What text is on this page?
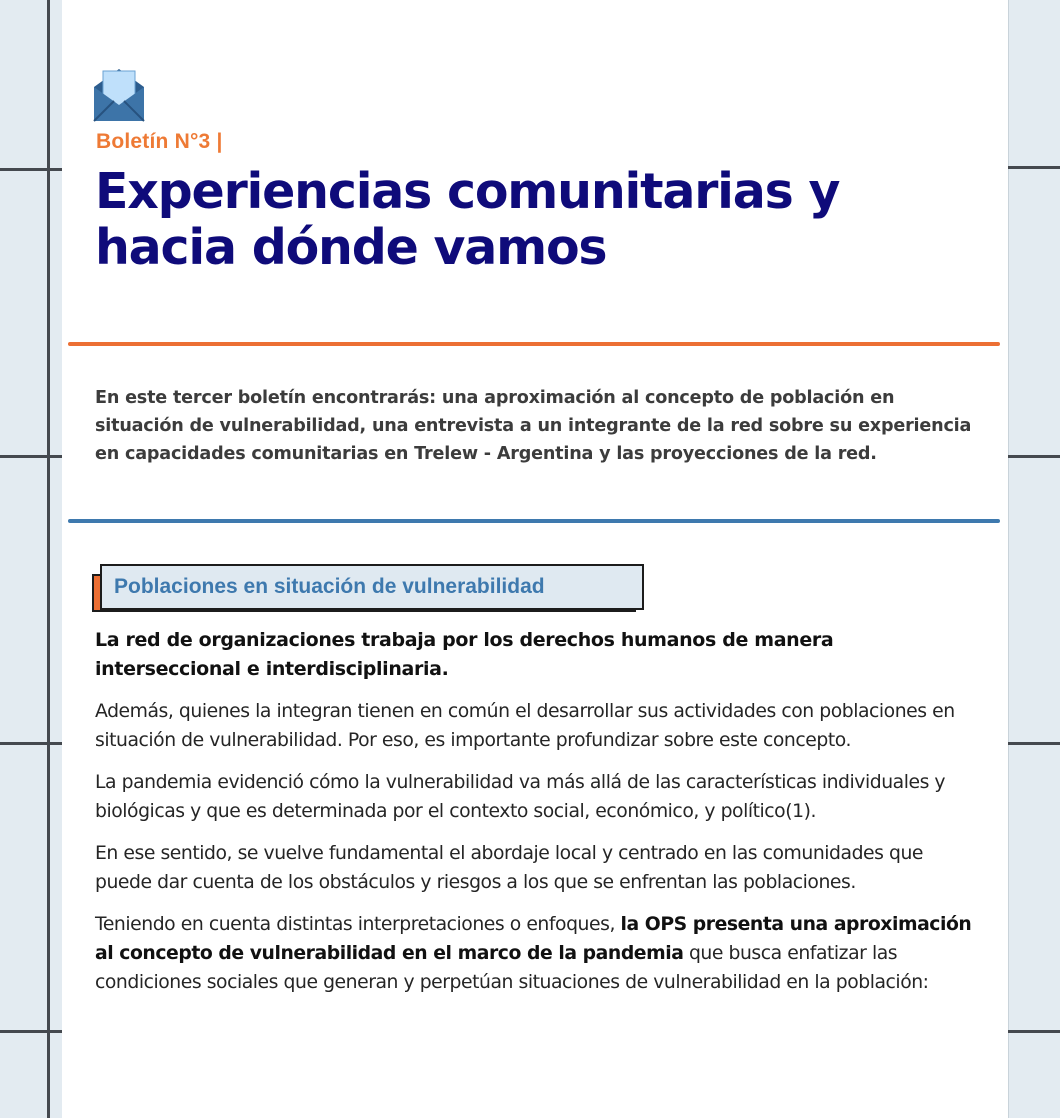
Boletín N°3 |
Experiencias comunitarias y hacia dónde vamos

En este tercer boletín encontrarás: una aproximación al concepto de población en situación de vulnerabilidad, una entrevista a un integrante de la red sobre su experiencia en capacidades comunitarias en Trelew - Argentina y las proyecciones de la red.

Poblaciones en situación de vulnerabilidad

La red de organizaciones trabaja por los derechos humanos de manera interseccional e interdisciplinaria.

Además, quienes la integran tienen en común el desarrollar sus actividades con poblaciones en situación de vulnerabilidad. Por eso, es importante profundizar sobre este concepto.

La pandemia evidenció cómo la vulnerabilidad va más allá de las características individuales y biológicas y que es determinada por el contexto social, económico, y político(1).

En ese sentido, se vuelve fundamental el abordaje local y centrado en las comunidades que puede dar cuenta de los obstáculos y riesgos a los que se enfrentan las poblaciones.

Teniendo en cuenta distintas interpretaciones o enfoques, la OPS presenta una aproximación al concepto de vulnerabilidad en el marco de la pandemia que busca enfatizar las condiciones sociales que generan y perpetúan situaciones de vulnerabilidad en la población:
